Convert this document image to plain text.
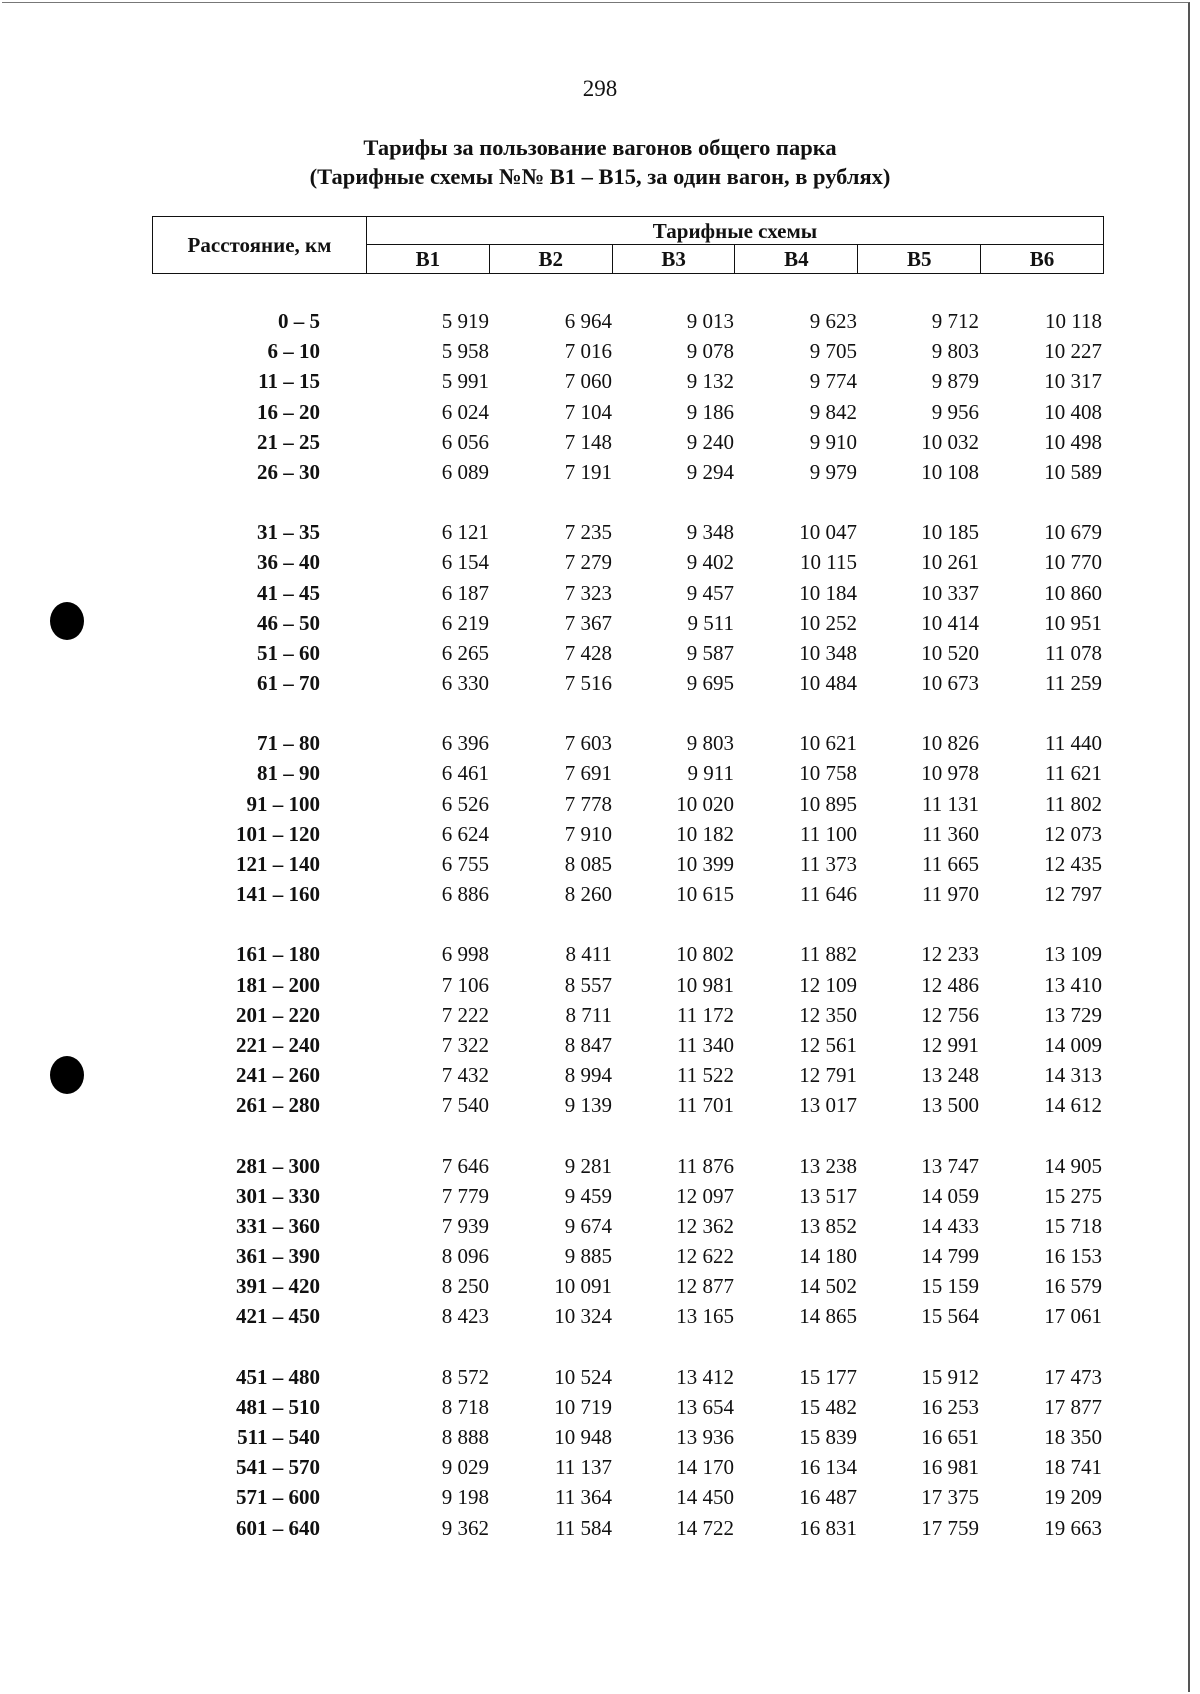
298
Тарифы за пользование вагонов общего парка
(Тарифные схемы №№ В1 – В15, за один вагон, в рублях)
Расстояние, км
Тарифные схемы
В1	В2	В3	В4	В5	В6
0 – 5	5 919	6 964	9 013	9 623	9 712	10 118
6 – 10	5 958	7 016	9 078	9 705	9 803	10 227
11 – 15	5 991	7 060	9 132	9 774	9 879	10 317
16 – 20	6 024	7 104	9 186	9 842	9 956	10 408
21 – 25	6 056	7 148	9 240	9 910	10 032	10 498
26 – 30	6 089	7 191	9 294	9 979	10 108	10 589
31 – 35	6 121	7 235	9 348	10 047	10 185	10 679
36 – 40	6 154	7 279	9 402	10 115	10 261	10 770
41 – 45	6 187	7 323	9 457	10 184	10 337	10 860
46 – 50	6 219	7 367	9 511	10 252	10 414	10 951
51 – 60	6 265	7 428	9 587	10 348	10 520	11 078
61 – 70	6 330	7 516	9 695	10 484	10 673	11 259
71 – 80	6 396	7 603	9 803	10 621	10 826	11 440
81 – 90	6 461	7 691	9 911	10 758	10 978	11 621
91 – 100	6 526	7 778	10 020	10 895	11 131	11 802
101 – 120	6 624	7 910	10 182	11 100	11 360	12 073
121 – 140	6 755	8 085	10 399	11 373	11 665	12 435
141 – 160	6 886	8 260	10 615	11 646	11 970	12 797
161 – 180	6 998	8 411	10 802	11 882	12 233	13 109
181 – 200	7 106	8 557	10 981	12 109	12 486	13 410
201 – 220	7 222	8 711	11 172	12 350	12 756	13 729
221 – 240	7 322	8 847	11 340	12 561	12 991	14 009
241 – 260	7 432	8 994	11 522	12 791	13 248	14 313
261 – 280	7 540	9 139	11 701	13 017	13 500	14 612
281 – 300	7 646	9 281	11 876	13 238	13 747	14 905
301 – 330	7 779	9 459	12 097	13 517	14 059	15 275
331 – 360	7 939	9 674	12 362	13 852	14 433	15 718
361 – 390	8 096	9 885	12 622	14 180	14 799	16 153
391 – 420	8 250	10 091	12 877	14 502	15 159	16 579
421 – 450	8 423	10 324	13 165	14 865	15 564	17 061
451 – 480	8 572	10 524	13 412	15 177	15 912	17 473
481 – 510	8 718	10 719	13 654	15 482	16 253	17 877
511 – 540	8 888	10 948	13 936	15 839	16 651	18 350
541 – 570	9 029	11 137	14 170	16 134	16 981	18 741
571 – 600	9 198	11 364	14 450	16 487	17 375	19 209
601 – 640	9 362	11 584	14 722	16 831	17 759	19 663
